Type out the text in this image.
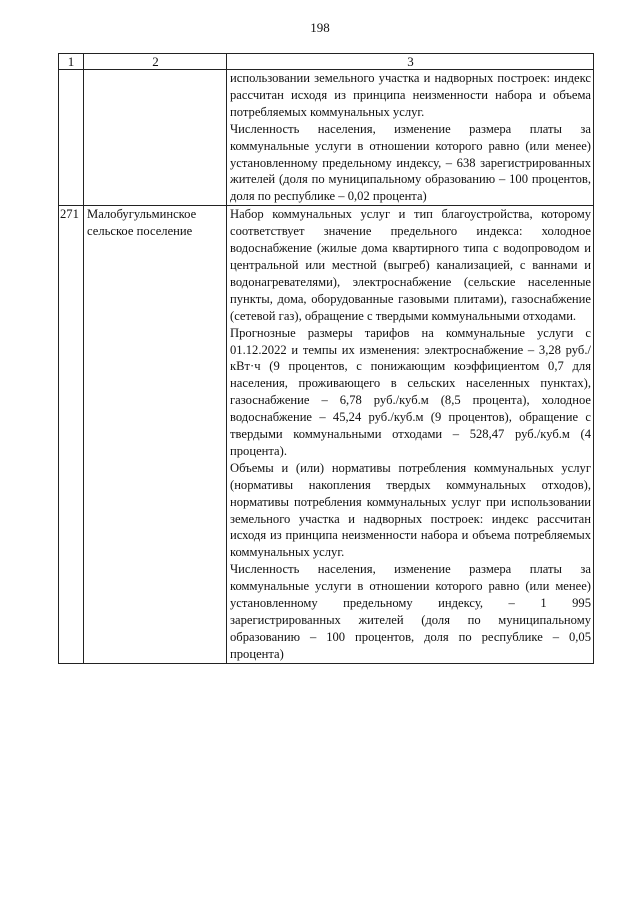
198
1	2	3

		использовании земельного участка и надворных построек: индекс рассчитан исходя из принципа неизменности набора и объема потребляемых коммунальных услуг.
Численность населения, изменение размера платы за коммунальные услуги в отношении которого равно (или менее) установленному предельному индексу, – 638 зарегистрированных жителей (доля по муниципальному образованию – 100 процентов, доля по республике – 0,02 процента)

271	Малобугульминское сельское поселение	Набор коммунальных услуг и тип благоустройства, которому соответствует значение предельного индекса: холодное водоснабжение (жилые дома квартирного типа с водопроводом и центральной или местной (выгреб) канализацией, с ваннами и водонагревателями), электроснабжение (сельские населенные пункты, дома, оборудованные газовыми плитами), газоснабжение (сетевой газ), обращение с твердыми коммунальными отходами.
Прогнозные размеры тарифов на коммунальные услуги с 01.12.2022 и темпы их изменения: электроснабжение – 3,28 руб./кВт·ч (9 процентов, с понижающим коэффициентом 0,7 для населения, проживающего в сельских населенных пунктах), газоснабжение – 6,78 руб./куб.м (8,5 процента), холодное водоснабжение – 45,24 руб./куб.м (9 процентов), обращение с твердыми коммунальными отходами – 528,47 руб./куб.м (4 процента).
Объемы и (или) нормативы потребления коммунальных услуг (нормативы накопления твердых коммунальных отходов), нормативы потребления коммунальных услуг при использовании земельного участка и надворных построек: индекс рассчитан исходя из принципа неизменности набора и объема потребляемых коммунальных услуг.
Численность населения, изменение размера платы за коммунальные услуги в отношении которого равно (или менее) установленному предельному индексу, – 1 995 зарегистрированных жителей (доля по муниципальному образованию – 100 процентов, доля по республике – 0,05 процента)
